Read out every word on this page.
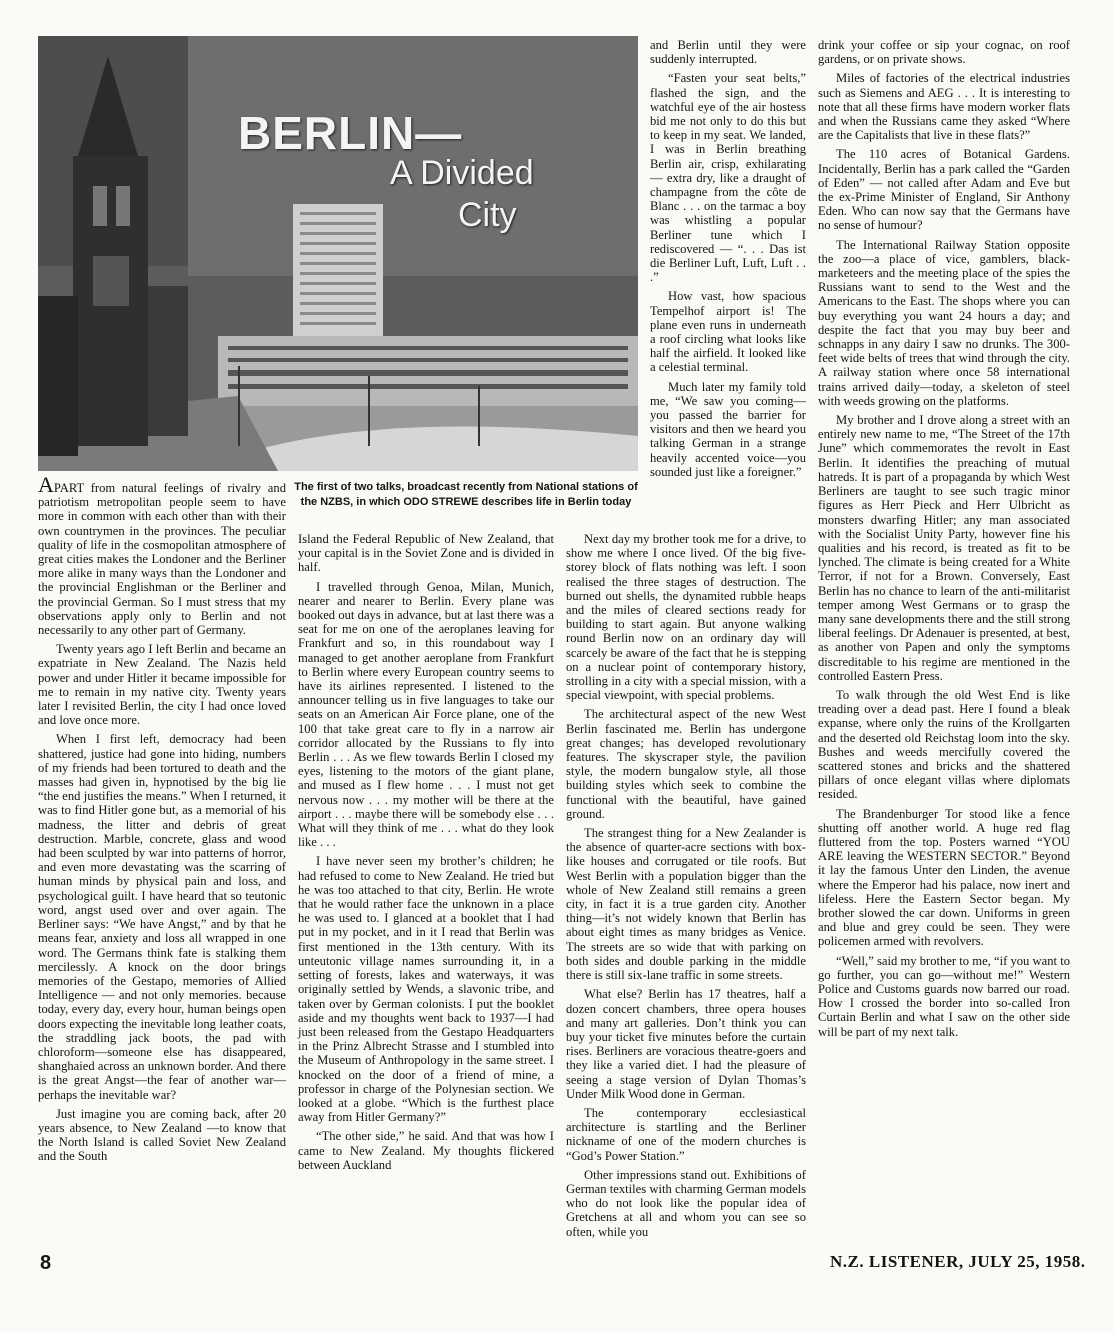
BERLIN—
A Divided
City
The first of two talks, broadcast recently from National stations of the NZBS, in which ODO STREWE describes life in Berlin today

APART from natural feelings of rivalry and patriotism metropolitan people seem to have more in common with each other than with their own countrymen in the provinces. The peculiar quality of life in the cosmopolitan atmosphere of great cities makes the Londoner and the Berliner more alike in many ways than the Londoner and the provincial Englishman or the Berliner and the provincial German. So I must stress that my observations apply only to Berlin and not necessarily to any other part of Germany.

Twenty years ago I left Berlin and became an expatriate in New Zealand. The Nazis held power and under Hitler it became impossible for me to remain in my native city. Twenty years later I revisited Berlin, the city I had once loved and love once more.

When I first left, democracy had been shattered, justice had gone into hiding, numbers of my friends had been tortured to death and the masses had given in, hypnotised by the big lie “the end justifies the means.” When I returned, it was to find Hitler gone but, as a memorial of his madness, the litter and debris of great destruction. Marble, concrete, glass and wood had been sculpted by war into patterns of horror, and even more devastating was the scarring of human minds by physical pain and loss, and psychological guilt. I have heard that so teutonic word, angst used over and over again. The Berliner says: “We have Angst,” and by that he means fear, anxiety and loss all wrapped in one word. The Germans think fate is stalking them mercilessly. A knock on the door brings memories of the Gestapo, memories of Allied Intelligence — and not only memories. because today, every day, every hour, human beings open doors expecting the inevitable long leather coats, the straddling jack boots, the pad with chloroform—someone else has disappeared, shanghaied across an unknown border. And there is the great Angst—the fear of another war—perhaps the inevitable war?

Just imagine you are coming back, after 20 years absence, to New Zealand —to know that the North Island is called Soviet New Zealand and the South

Island the Federal Republic of New Zealand, that your capital is in the Soviet Zone and is divided in half.

I travelled through Genoa, Milan, Munich, nearer and nearer to Berlin. Every plane was booked out days in advance, but at last there was a seat for me on one of the aeroplanes leaving for Frankfurt and so, in this roundabout way I managed to get another aeroplane from Frankfurt to Berlin where every European country seems to have its airlines represented. I listened to the announcer telling us in five languages to take our seats on an American Air Force plane, one of the 100 that take great care to fly in a narrow air corridor allocated by the Russians to fly into Berlin . . . As we flew towards Berlin I closed my eyes, listening to the motors of the giant plane, and mused as I flew home . . . I must not get nervous now . . . my mother will be there at the airport . . . maybe there will be somebody else . . . What will they think of me . . . what do they look like . . .

I have never seen my brother’s children; he had refused to come to New Zealand. He tried but he was too attached to that city, Berlin. He wrote that he would rather face the unknown in a place he was used to. I glanced at a booklet that I had put in my pocket, and in it I read that Berlin was first mentioned in the 13th century. With its unteutonic village names surrounding it, in a setting of forests, lakes and waterways, it was originally settled by Wends, a slavonic tribe, and taken over by German colonists. I put the booklet aside and my thoughts went back to 1937—I had just been released from the Gestapo Headquarters in the Prinz Albrecht Strasse and I stumbled into the Museum of Anthropology in the same street. I knocked on the door of a friend of mine, a professor in charge of the Polynesian section. We looked at a globe. “Which is the furthest place away from Hitler Germany?”

“The other side,” he said. And that was how I came to New Zealand. My thoughts flickered between Auckland

and Berlin until they were suddenly interrupted.

“Fasten your seat belts,” flashed the sign, and the watchful eye of the air hostess bid me not only to do this but to keep in my seat. We landed, I was in Berlin breathing Berlin air, crisp, exhilarating — extra dry, like a draught of champagne from the côte de Blanc . . . on the tarmac a boy was whistling a popular Berliner tune which I rediscovered — “. . . Das ist die Berliner Luft, Luft, Luft . . .”

How vast, how spacious Tempelhof airport is! The plane even runs in underneath a roof circling what looks like half the airfield. It looked like a celestial terminal.

Much later my family told me, “We saw you coming—you passed the barrier for visitors and then we heard you talking German in a strange heavily accented voice—you sounded just like a foreigner.”

Next day my brother took me for a drive, to show me where I once lived. Of the big five-storey block of flats nothing was left. I soon realised the three stages of destruction. The burned out shells, the dynamited rubble heaps and the miles of cleared sections ready for building to start again. But anyone walking round Berlin now on an ordinary day will scarcely be aware of the fact that he is stepping on a nuclear point of contemporary history, strolling in a city with a special mission, with a special viewpoint, with special problems.

The architectural aspect of the new West Berlin fascinated me. Berlin has undergone great changes; has developed revolutionary features. The skyscraper style, the pavilion style, the modern bungalow style, all those building styles which seek to combine the functional with the beautiful, have gained ground.

The strangest thing for a New Zealander is the absence of quarter-acre sections with box-like houses and corrugated or tile roofs. But West Berlin with a population bigger than the whole of New Zealand still remains a green city, in fact it is a true garden city. Another thing—it’s not widely known that Berlin has about eight times as many bridges as Venice. The streets are so wide that with parking on both sides and double parking in the middle there is still six-lane traffic in some streets.

What else? Berlin has 17 theatres, half a dozen concert chambers, three opera houses and many art galleries. Don’t think you can buy your ticket five minutes before the curtain rises. Berliners are voracious theatre-goers and they like a varied diet. I had the pleasure of seeing a stage version of Dylan Thomas’s Under Milk Wood done in German.

The contemporary ecclesiastical architecture is startling and the Berliner nickname of one of the modern churches is “God’s Power Station.”

Other impressions stand out. Exhibitions of German textiles with charming German models who do not look like the popular idea of Gretchens at all and whom you can see so often, while you

drink your coffee or sip your cognac, on roof gardens, or on private shows.

Miles of factories of the electrical industries such as Siemens and AEG . . . It is interesting to note that all these firms have modern worker flats and when the Russians came they asked “Where are the Capitalists that live in these flats?”

The 110 acres of Botanical Gardens. Incidentally, Berlin has a park called the “Garden of Eden” — not called after Adam and Eve but the ex-Prime Minister of England, Sir Anthony Eden. Who can now say that the Germans have no sense of humour?

The International Railway Station opposite the zoo—a place of vice, gamblers, black-marketeers and the meeting place of the spies the Russians want to send to the West and the Americans to the East. The shops where you can buy everything you want 24 hours a day; and despite the fact that you may buy beer and schnapps in any dairy I saw no drunks. The 300-feet wide belts of trees that wind through the city. A railway station where once 58 international trains arrived daily—today, a skeleton of steel with weeds growing on the platforms.

My brother and I drove along a street with an entirely new name to me, “The Street of the 17th June” which commemorates the revolt in East Berlin. It identifies the preaching of mutual hatreds. It is part of a propaganda by which West Berliners are taught to see such tragic minor figures as Herr Pieck and Herr Ulbricht as monsters dwarfing Hitler; any man associated with the Socialist Unity Party, however fine his qualities and his record, is treated as fit to be lynched. The climate is being created for a White Terror, if not for a Brown. Conversely, East Berlin has no chance to learn of the anti-militarist temper among West Germans or to grasp the many sane developments there and the still strong liberal feelings. Dr Adenauer is presented, at best, as another von Papen and only the symptoms discreditable to his regime are mentioned in the controlled Eastern Press.

To walk through the old West End is like treading over a dead past. Here I found a bleak expanse, where only the ruins of the Krollgarten and the deserted old Reichstag loom into the sky. Bushes and weeds mercifully covered the scattered stones and bricks and the shattered pillars of once elegant villas where diplomats resided.

The Brandenburger Tor stood like a fence shutting off another world. A huge red flag fluttered from the top. Posters warned “YOU ARE leaving the WESTERN SECTOR.” Beyond it lay the famous Unter den Linden, the avenue where the Emperor had his palace, now inert and lifeless. Here the Eastern Sector began. My brother slowed the car down. Uniforms in green and blue and grey could be seen. They were policemen armed with revolvers.

“Well,” said my brother to me, “if you want to go further, you can go—without me!” Western Police and Customs guards now barred our road. How I crossed the border into so-called Iron Curtain Berlin and what I saw on the other side will be part of my next talk.

8	N.Z. LISTENER, JULY 25, 1958.
